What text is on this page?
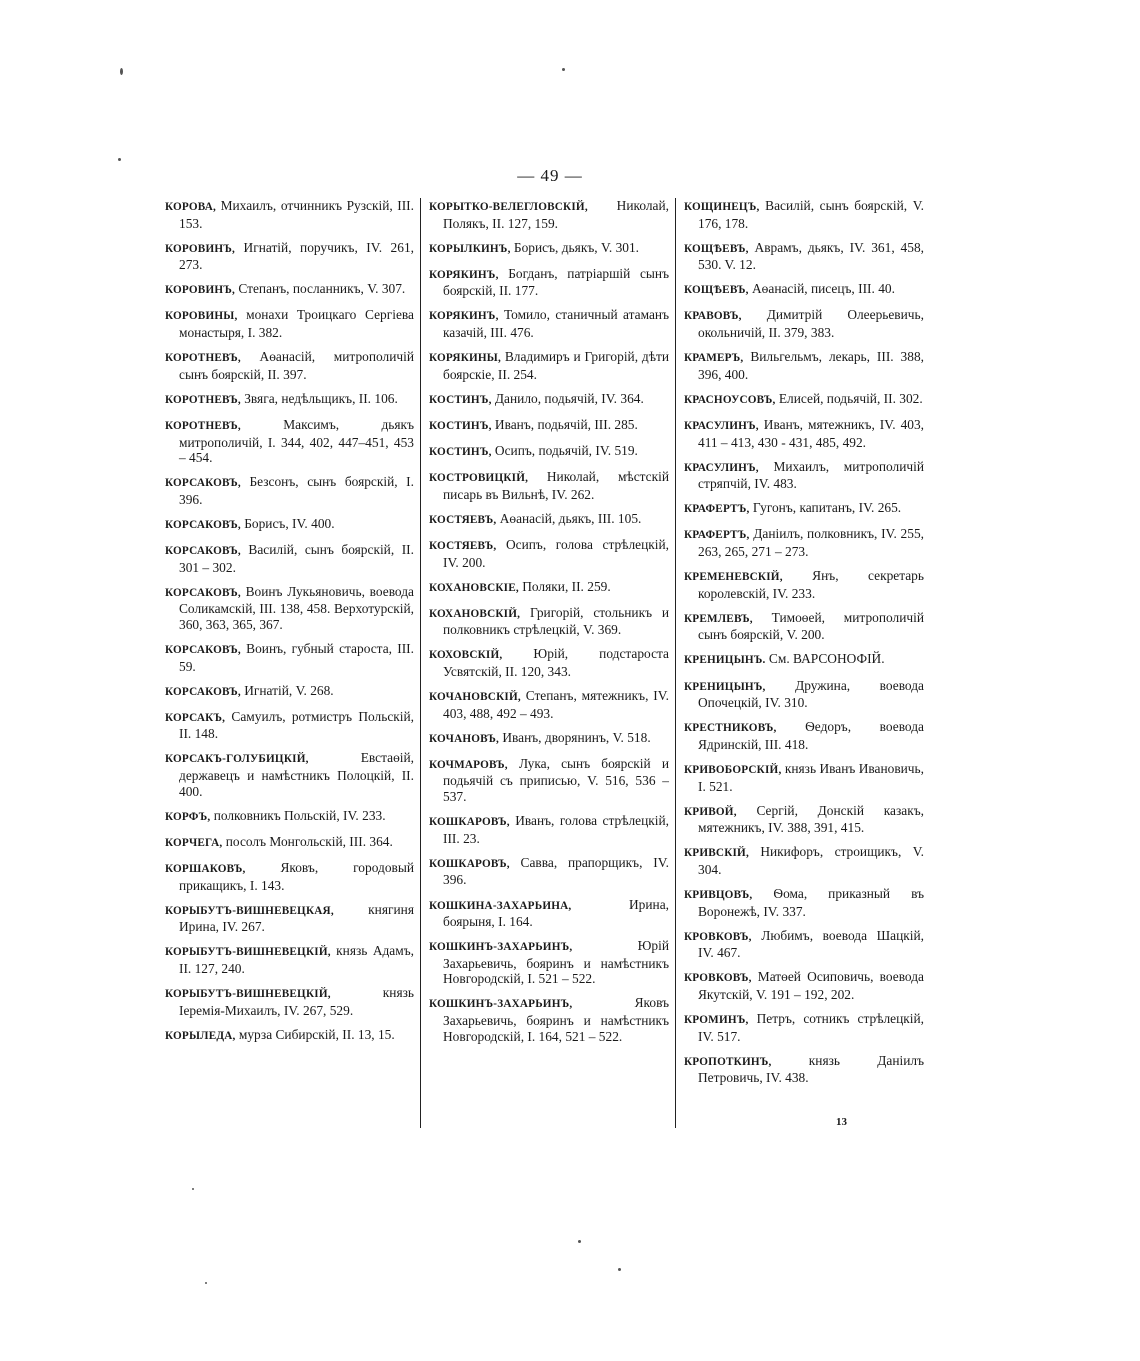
— 49 —

КОРОВА, Михаилъ, отчинникъ Рузскій, III. 153.

КОРОВИНЪ, Игнатій, поручикъ, IV. 261, 273.

КОРОВИНЪ, Степанъ, посланникъ, V. 307.

КОРОВИНЫ, монахи Троицкаго Сергіева монастыря, I. 382.

КОРОТНЕВЪ, Аѳанасій, митрополичій сынъ боярскій, II. 397.

КОРОТНЕВЪ, Звяга, недѣльщикъ, II. 106.

КОРОТНЕВЪ, Максимъ, дьякъ митрополичій, I. 344, 402, 447–451, 453 – 454.

КОРСАКОВЪ, Безсонъ, сынъ боярскій, I. 396.

КОРСАКОВЪ, Борисъ, IV. 400.

КОРСАКОВЪ, Василій, сынъ боярскій, II. 301 – 302.

КОРСАКОВЪ, Воинъ Лукьяновичь, воевода Соликамскій, III. 138, 458. Верхотурскій, 360, 363, 365, 367.

КОРСАКОВЪ, Воинъ, губный староста, III. 59.

КОРСАКОВЪ, Игнатій, V. 268.

КОРСАКЪ, Самуилъ, ротмистръ Польскій, II. 148.

КОРСАКЪ-ГОЛУБИЦКІЙ, Евстаѳій, державецъ и намѣстникъ Полоцкій, II. 400.

КОРФЪ, полковникъ Польскій, IV. 233.

КОРЧЕГА, посолъ Монгольскій, III. 364.

КОРШАКОВЪ, Яковъ, городовый прикащикъ, I. 143.

КОРЫБУТЪ-ВИШНЕВЕЦКАЯ, княгиня Ирина, IV. 267.

КОРЫБУТЪ-ВИШНЕВЕЦКІЙ, князь Адамъ, II. 127, 240.

КОРЫБУТЪ-ВИШНЕВЕЦКІЙ, князь Іеремія-Михаилъ, IV. 267, 529.

КОРЫЛЕДА, мурза Сибирскій, II. 13, 15.

КОРЫТКО-ВЕЛЕГЛОВСКІЙ, Николай, Полякъ, II. 127, 159.

КОРЫЛКИНЪ, Борисъ, дьякъ, V. 301.

КОРЯКИНЪ, Богданъ, патріаршій сынъ боярскій, II. 177.

КОРЯКИНЪ, Томило, станичный атаманъ казачій, III. 476.

КОРЯКИНЫ, Владимиръ и Григорій, дѣти боярскіе, II. 254.

КОСТИНЪ, Данило, подьячій, IV. 364.

КОСТИНЪ, Иванъ, подьячій, III. 285.

КОСТИНЪ, Осипъ, подьячій, IV. 519.

КОСТРОВИЦКІЙ, Николай, мѣстскій писарь въ Вильнѣ, IV. 262.

КОСТЯЕВЪ, Аѳанасій, дьякъ, III. 105.

КОСТЯЕВЪ, Осипъ, голова стрѣлецкій, IV. 200.

КОХАНОВСКІЕ, Поляки, II. 259.

КОХАНОВСКІЙ, Григорій, стольникъ и полковникъ стрѣлецкій, V. 369.

КОХОВСКІЙ, Юрій, подстароста Усвятскій, II. 120, 343.

КОЧАНОВСКІЙ, Степанъ, мятежникъ, IV. 403, 488, 492 – 493.

КОЧАНОВЪ, Иванъ, дворянинъ, V. 518.

КОЧМАРОВЪ, Лука, сынъ боярскій и подьячій съ приписью, V. 516, 536 – 537.

КОШКАРОВЪ, Иванъ, голова стрѣлецкій, III. 23.

КОШКАРОВЪ, Савва, прапорщикъ, IV. 396.

КОШКИНА-ЗАХАРЬИНА, Ирина, боярыня, I. 164.

КОШКИНЪ-ЗАХАРЬИНЪ, Юрій Захарьевичь, бояринъ и намѣстникъ Новгородскій, I. 521 – 522.

КОШКИНЪ-ЗАХАРЬИНЪ, Яковъ Захарьевичь, бояринъ и намѣстникъ Новгородскій, I. 164, 521 – 522.

КОЩИНЕЦЪ, Василій, сынъ боярскій, V. 176, 178.

КОЩѢЕВЪ, Аврамъ, дьякъ, IV. 361, 458, 530. V. 12.

КОЩѢЕВЪ, Аѳанасій, писецъ, III. 40.

КРАВОВЪ, Димитрій Олеерьевичь, окольничій, II. 379, 383.

КРАМЕРЪ, Вильгельмъ, лекарь, III. 388, 396, 400.

КРАСНОУСОВЪ, Елисей, подьячій, II. 302.

КРАСУЛИНЪ, Иванъ, мятежникъ, IV. 403, 411 – 413, 430 - 431, 485, 492.

КРАСУЛИНЪ, Михаилъ, митрополичій стряпчій, IV. 483.

КРАФЕРТЪ, Гугонъ, капитанъ, IV. 265.

КРАФЕРТЪ, Даніилъ, полковникъ, IV. 255, 263, 265, 271 – 273.

КРЕМЕНЕВСКІЙ, Янъ, секретарь королевскій, IV. 233.

КРЕМЛЕВЪ, Тимоѳей, митрополичій сынъ боярскій, V. 200.

КРЕНИЦЫНЪ. См. ВАРСОНОФІЙ.

КРЕНИЦЫНЪ, Дружина, воевода Опочецкій, IV. 310.

КРЕСТНИКОВЪ, Ѳедоръ, воевода Ядринскій, III. 418.

КРИВОБОРСКІЙ, князь Иванъ Ивановичь, I. 521.

КРИВОЙ, Сергій, Донскій казакъ, мятежникъ, IV. 388, 391, 415.

КРИВСКІЙ, Никифоръ, строищикъ, V. 304.

КРИВЦОВЪ, Ѳома, приказный въ Воронежѣ, IV. 337.

КРОВКОВЪ, Любимъ, воевода Шацкій, IV. 467.

КРОВКОВЪ, Матѳей Осиповичь, воевода Якутскій, V. 191 – 192, 202.

КРОМИНЪ, Петръ, сотникъ стрѣлецкій, IV. 517.

КРОПОТКИНЪ, князь Даніилъ Петровичь, IV. 438.

13
